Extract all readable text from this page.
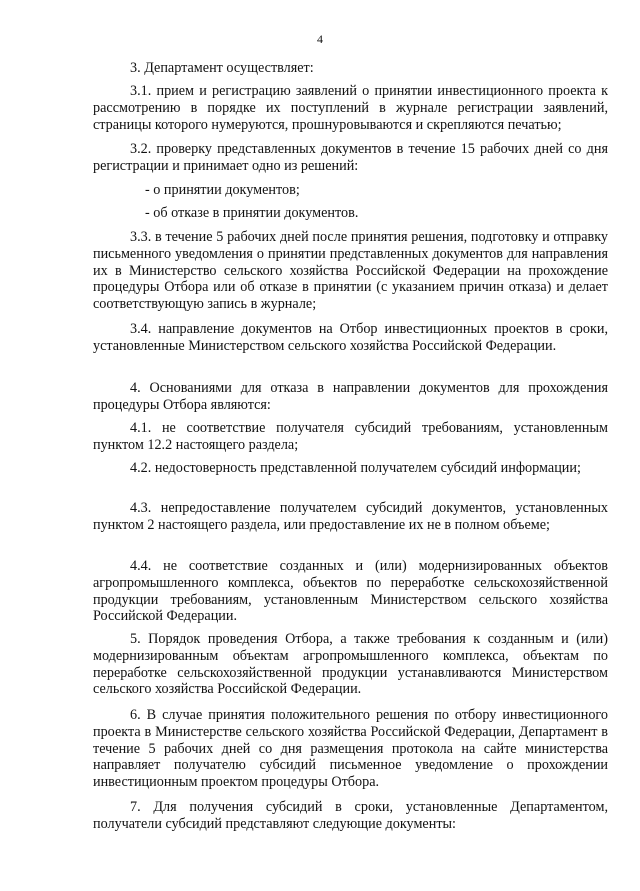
4
3. Департамент осуществляет:
3.1. прием и регистрацию заявлений о принятии инвестиционного проекта к рассмотрению в порядке их поступлений в журнале регистрации заявлений, страницы которого нумеруются, прошнуровываются и скрепляются печатью;
3.2. проверку представленных документов в течение 15 рабочих дней со дня регистрации и принимает одно из решений:
- о принятии документов;
- об отказе в принятии документов.
3.3. в течение 5 рабочих дней после принятия решения, подготовку и отправку письменного уведомления о принятии представленных документов для направления их в Министерство сельского хозяйства Российской Федерации на прохождение процедуры Отбора или об отказе в принятии (с указанием причин отказа) и делает соответствующую запись в журнале;
3.4. направление документов на Отбор инвестиционных проектов в сроки, установленные Министерством сельского хозяйства Российской Федерации.
4. Основаниями для отказа в направлении документов для прохождения процедуры Отбора являются:
4.1. не соответствие получателя субсидий требованиям, установленным пунктом 12.2 настоящего раздела;
4.2. недостоверность представленной получателем субсидий информации;
4.3. непредоставление получателем субсидий документов, установленных пунктом 2 настоящего раздела, или предоставление их не в полном объеме;
4.4. не соответствие созданных и (или) модернизированных объектов агропромышленного комплекса, объектов по переработке сельскохозяйственной продукции требованиям, установленным Министерством сельского хозяйства Российской Федерации.
5. Порядок проведения Отбора, а также требования к созданным и (или) модернизированным объектам агропромышленного комплекса, объектам по переработке сельскохозяйственной продукции устанавливаются Министерством сельского хозяйства Российской Федерации.
6. В случае принятия положительного решения по отбору инвестиционного проекта в Министерстве сельского хозяйства Российской Федерации, Департамент в течение 5 рабочих дней со дня размещения протокола на сайте министерства направляет получателю субсидий письменное уведомление о прохождении инвестиционным проектом процедуры Отбора.
7. Для получения субсидий в сроки, установленные Департаментом, получатели субсидий представляют следующие документы:
